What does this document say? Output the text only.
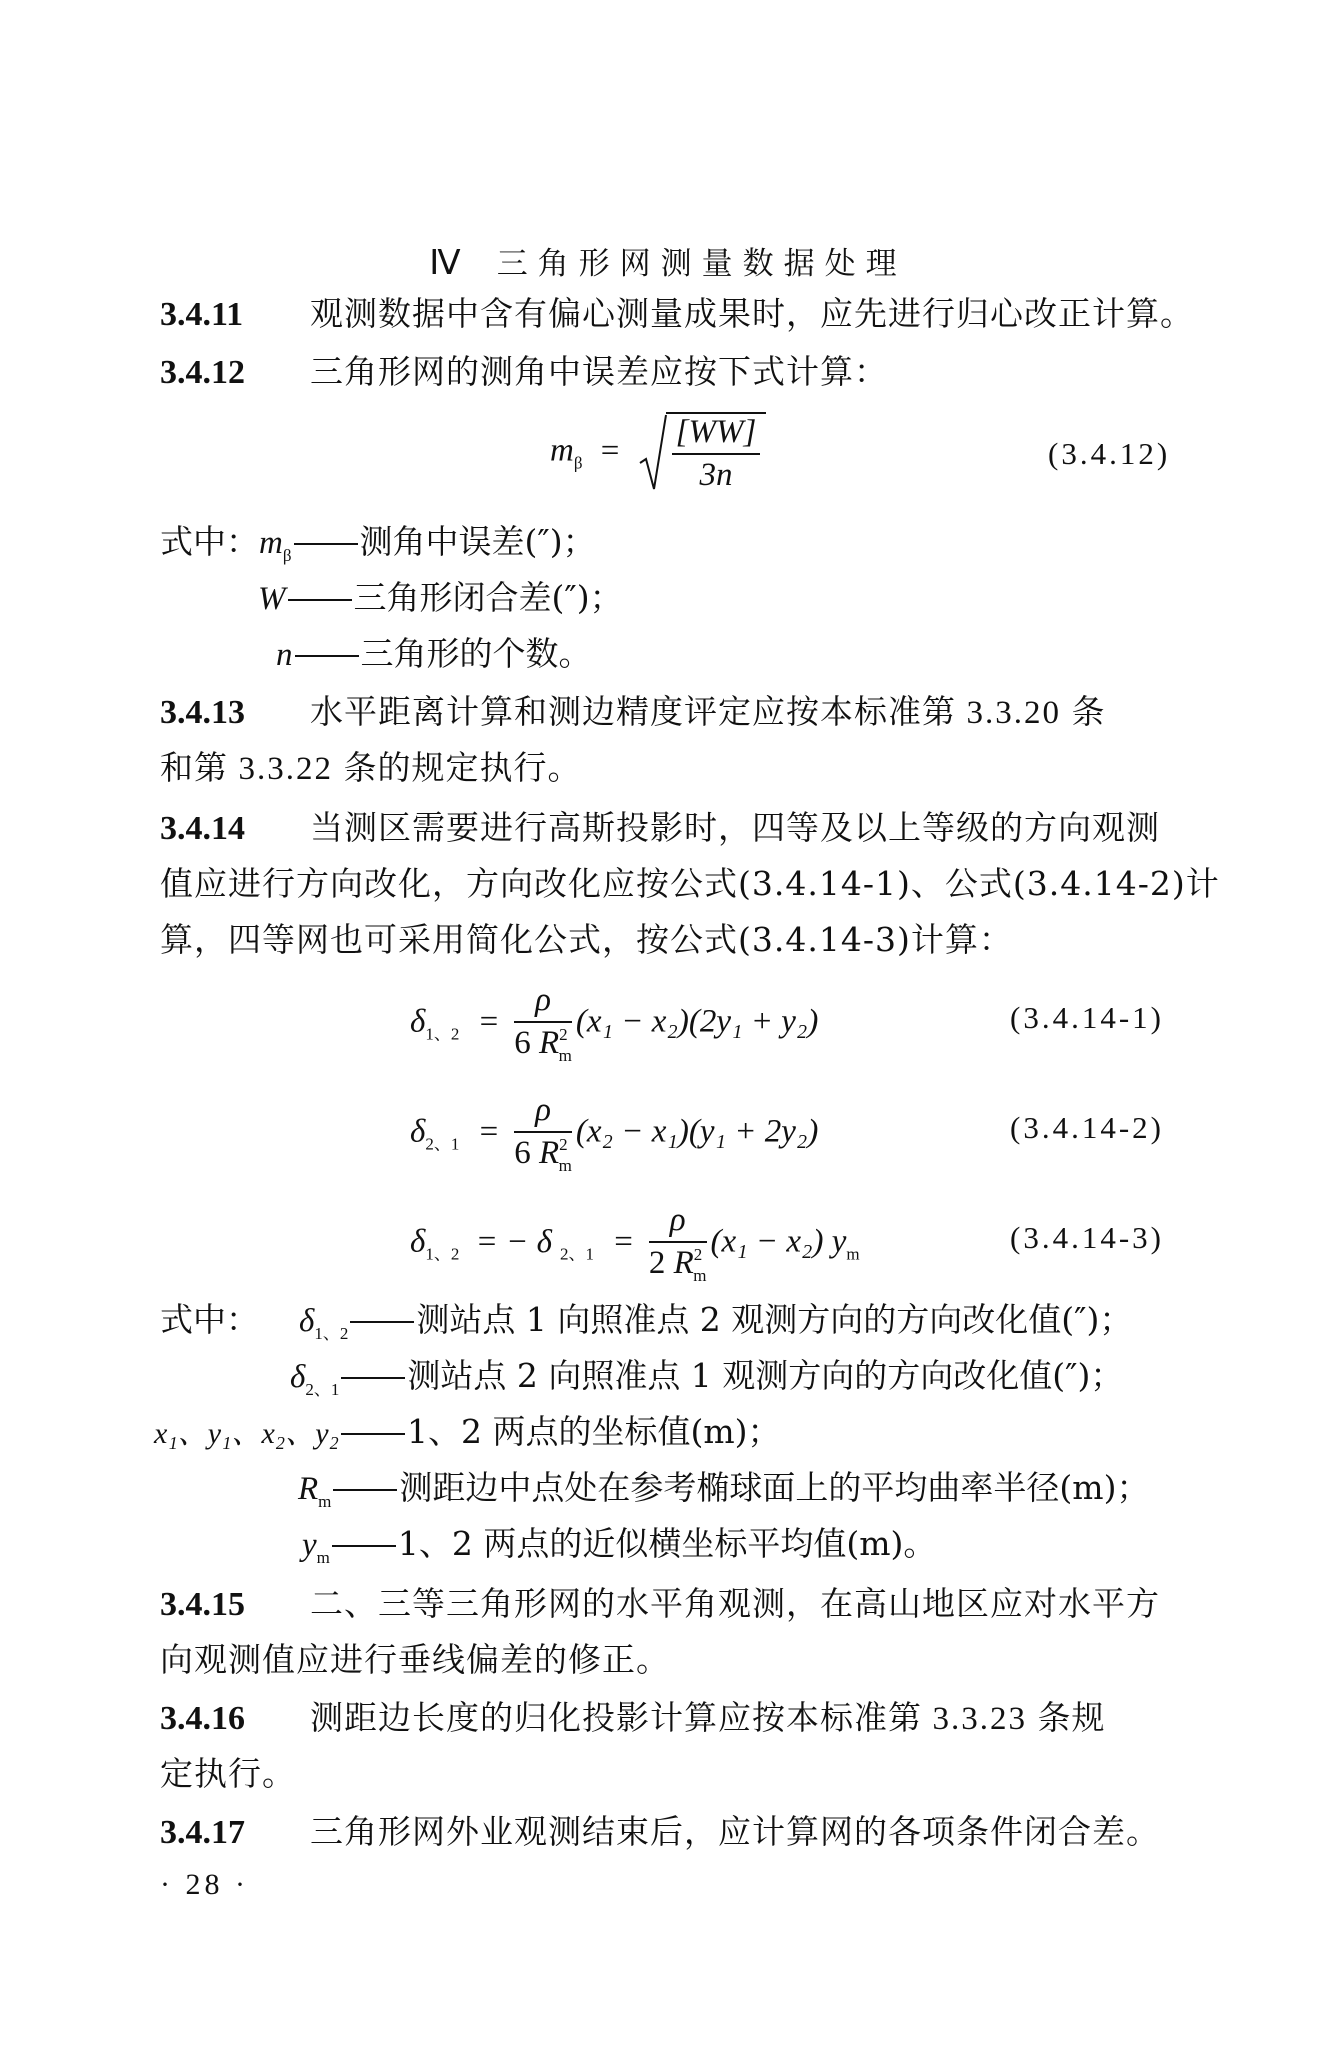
Ⅳ 三角形网测量数据处理
3.4.11 观测数据中含有偏心测量成果时，应先进行归心改正计算。
3.4.12 三角形网的测角中误差应按下式计算：
$m_\beta = \frac{[WW]}{3n}$	(3.4.12)
式中：$m_\beta$ 测角中误差(″)；
W 三角形闭合差(″)；
n 三角形的个数。
3.4.13 水平距离计算和测边精度评定应按本标准第 3.3.20 条
和第 3.3.22 条的规定执行。
3.4.14 当测区需要进行高斯投影时，四等及以上等级的方向观测
值应进行方向改化，方向改化应按公式(3.4.14-1)、公式(3.4.14-2)计
算，四等网也可采用简化公式，按公式(3.4.14-3)计算：
$\delta_{1、2} = \frac{\rho}{6 R^2_m} (x_1 - x_2)(2y_1 + y_2)$	(3.4.14-1)
$\delta_{2、1} = \frac{\rho}{6 R^2_m} (x_2 - x_1)(y_1 + 2y_2)$	(3.4.14-2)
$\delta_{1、2}$ = − δ $_{2、1} = \frac{\rho}{2 R^2_m} (x_1 - x_2)$ $y_m$	(3.4.14-3)
式中： $\delta_{1、2}$ 测站点 1 向照准点 2 观测方向的方向改化值(″)；
$\delta_{2、1}$ 测站点 2 向照准点 1 观测方向的方向改化值(″)；
x₁、y₁、x₂、y₂ 1、2 两点的坐标值(m)；
$R_m$ 测距边中点处在参考椭球面上的平均曲率半径(m)；
$y_m$ 1、2 两点的近似横坐标平均值(m)。
3.4.15 二、三等三角形网的水平角观测，在高山地区应对水平方
向观测值应进行垂线偏差的修正。
3.4.16 测距边长度的归化投影计算应按本标准第 3.3.23 条规
定执行。
3.4.17 三角形网外业观测结束后，应计算网的各项条件闭合差。
· 28 ·
